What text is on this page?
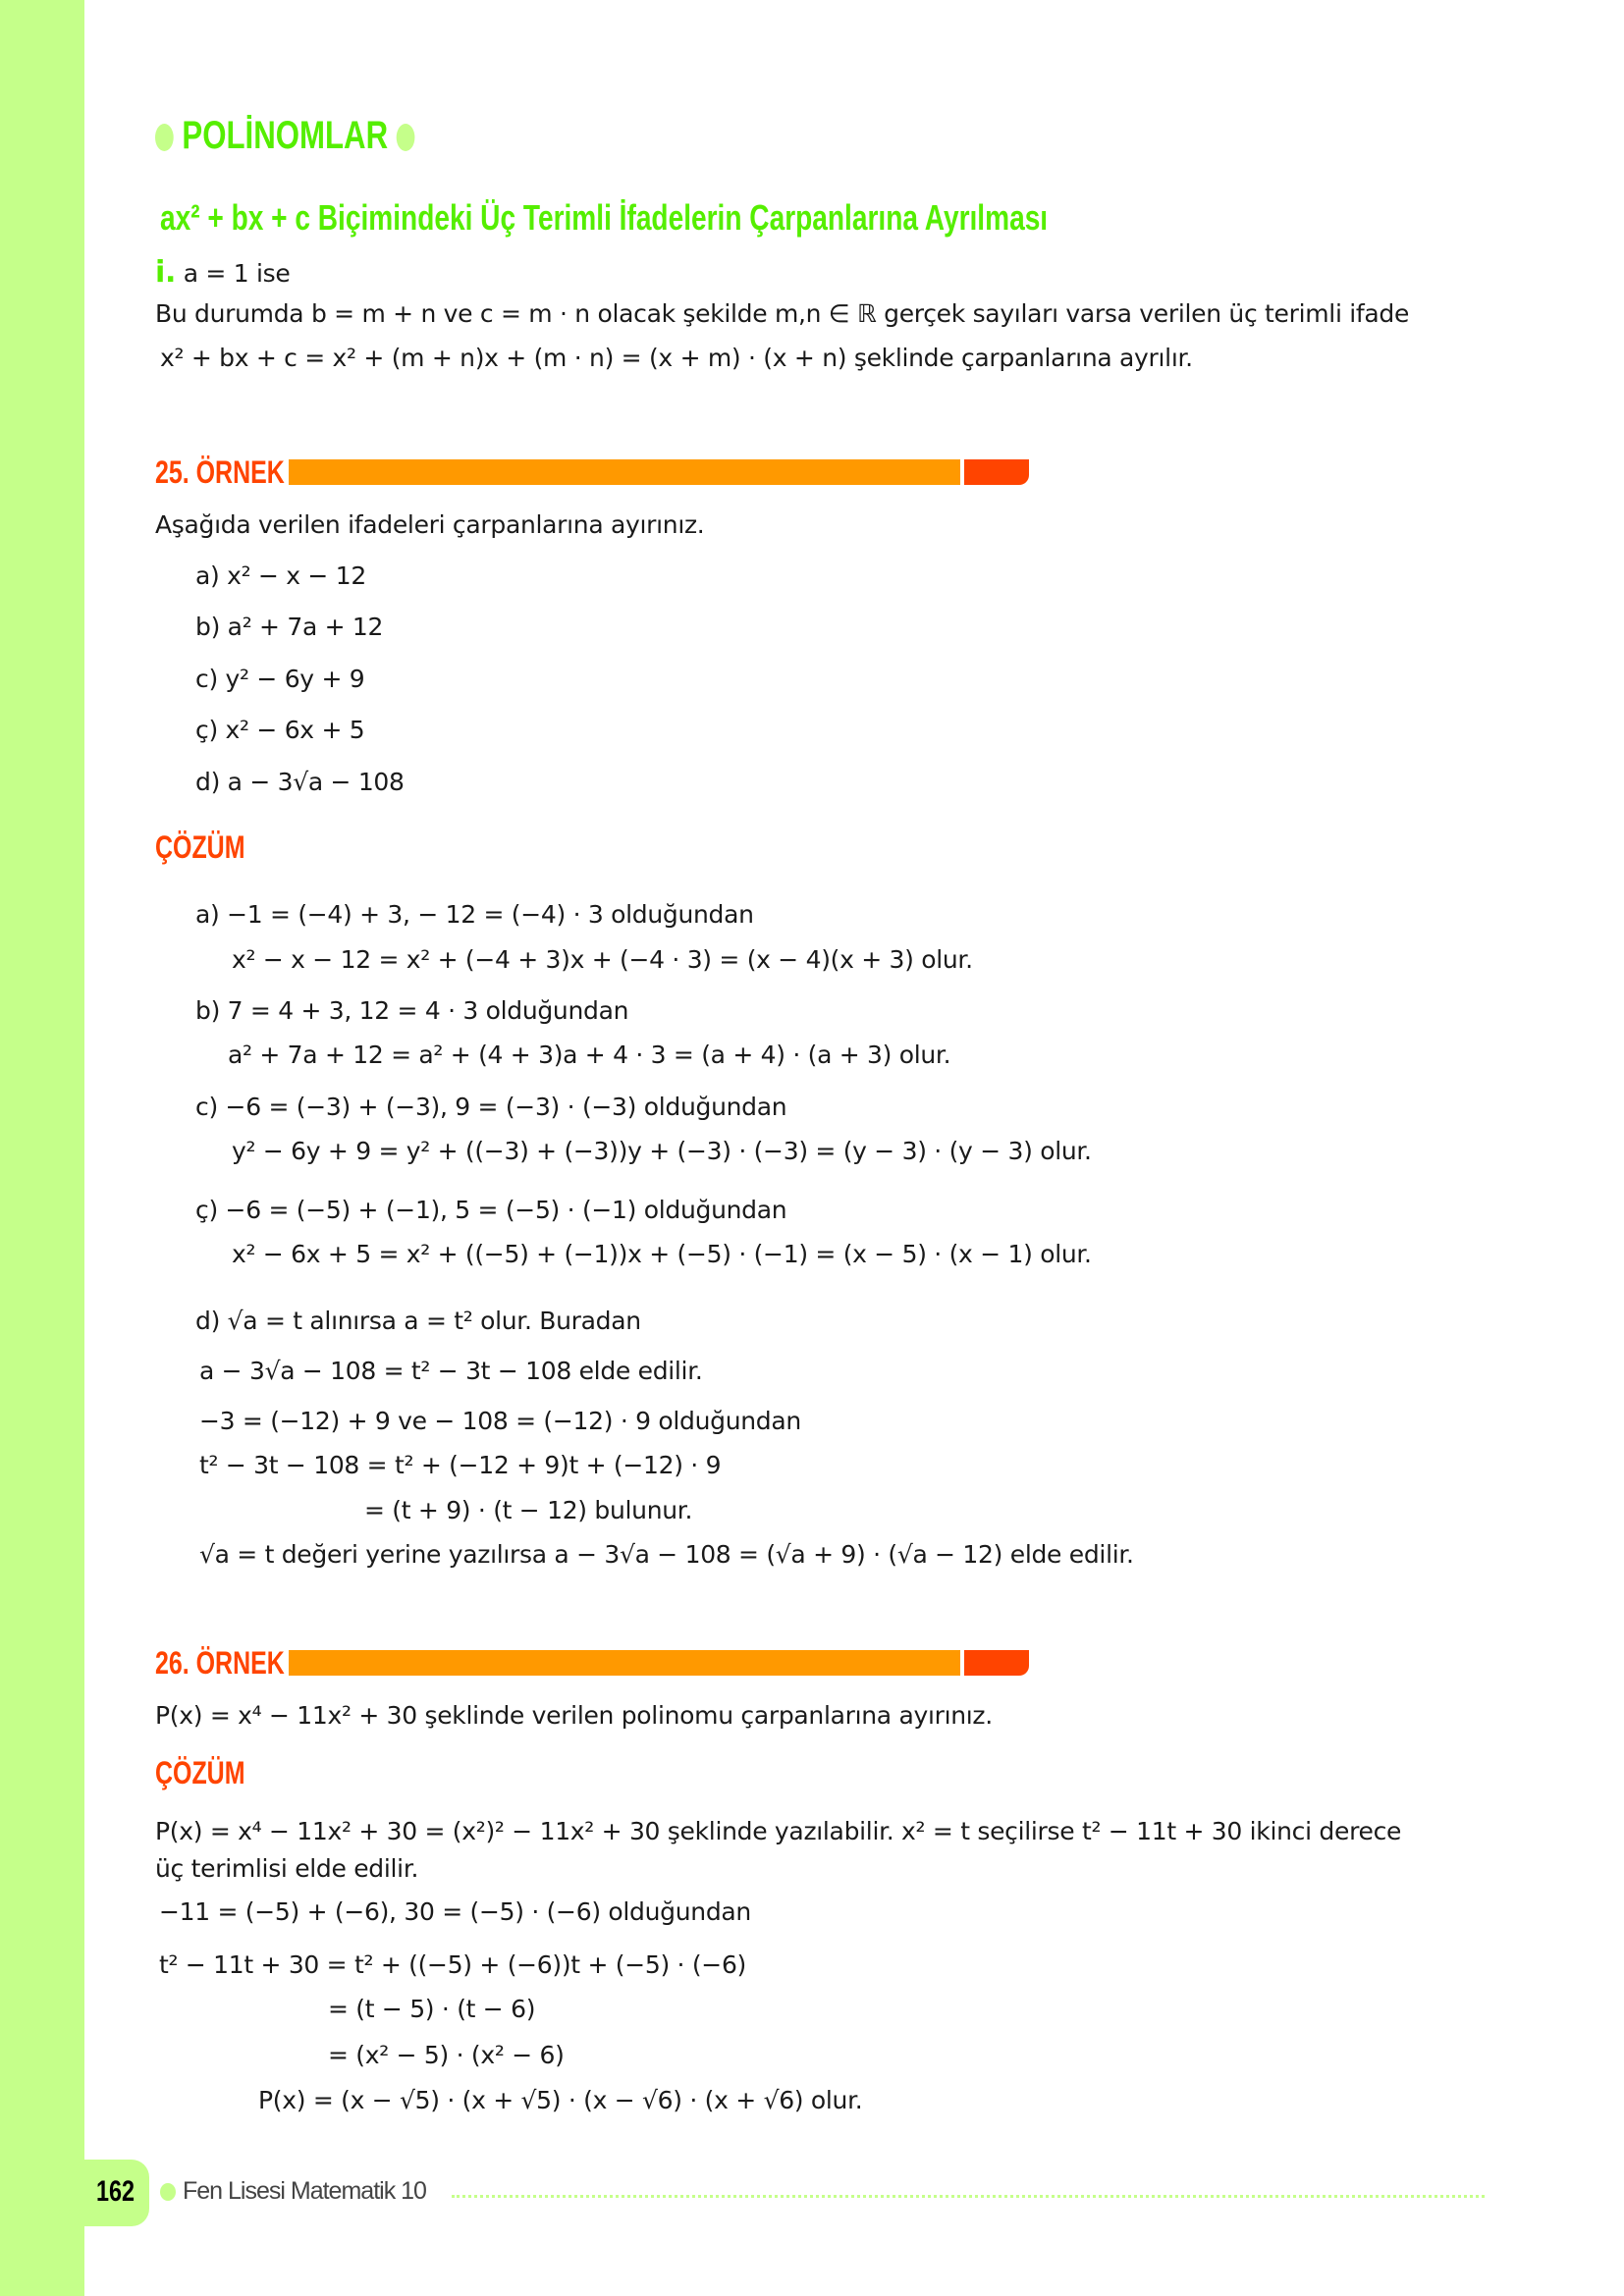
POLİNOMLAR
ax² + bx + c Biçimindeki Üç Terimli İfadelerin Çarpanlarına Ayrılması
i. a = 1 ise
Bu durumda b = m + n ve c = m · n olacak şekilde m,n ∈ ℝ gerçek sayıları varsa verilen üç terimli ifade
x² + bx + c = x² + (m + n)x + (m · n) = (x + m) · (x + n) şeklinde çarpanlarına ayrılır.
25. ÖRNEK
Aşağıda verilen ifadeleri çarpanlarına ayırınız.
a) x² − x − 12
b) a² + 7a + 12
c) y² − 6y + 9
ç) x² − 6x + 5
d) a − 3√a − 108
ÇÖZÜM
a) −1 = (−4) + 3, − 12 = (−4) · 3 olduğundan
x² − x − 12 = x² + (−4 + 3)x + (−4 · 3) = (x − 4)(x + 3) olur.
b) 7 = 4 + 3, 12 = 4 · 3 olduğundan
a² + 7a + 12 = a² + (4 + 3)a + 4 · 3 = (a + 4) · (a + 3) olur.
c) −6 = (−3) + (−3), 9 = (−3) · (−3) olduğundan
y² − 6y + 9 = y² + ((−3) + (−3))y + (−3) · (−3) = (y − 3) · (y − 3) olur.
ç) −6 = (−5) + (−1), 5 = (−5) · (−1) olduğundan
x² − 6x + 5 = x² + ((−5) + (−1))x + (−5) · (−1) = (x − 5) · (x − 1) olur.
d) √a = t alınırsa a = t² olur. Buradan
a − 3√a − 108 = t² − 3t − 108 elde edilir.
−3 = (−12) + 9 ve − 108 = (−12) · 9 olduğundan
t² − 3t − 108 = t² + (−12 + 9)t + (−12) · 9
= (t + 9) · (t − 12) bulunur.
√a = t değeri yerine yazılırsa a − 3√a − 108 = (√a + 9) · (√a − 12) elde edilir.
26. ÖRNEK
P(x) = x⁴ − 11x² + 30 şeklinde verilen polinomu çarpanlarına ayırınız.
ÇÖZÜM
P(x) = x⁴ − 11x² + 30 = (x²)² − 11x² + 30 şeklinde yazılabilir. x² = t seçilirse t² − 11t + 30 ikinci derece
üç terimlisi elde edilir.
−11 = (−5) + (−6), 30 = (−5) · (−6) olduğundan
t² − 11t + 30 = t² + ((−5) + (−6))t + (−5) · (−6)
= (t − 5) · (t − 6)
= (x² − 5) · (x² − 6)
P(x) = (x − √5) · (x + √5) · (x − √6) · (x + √6) olur.
162 Fen Lisesi Matematik 10
